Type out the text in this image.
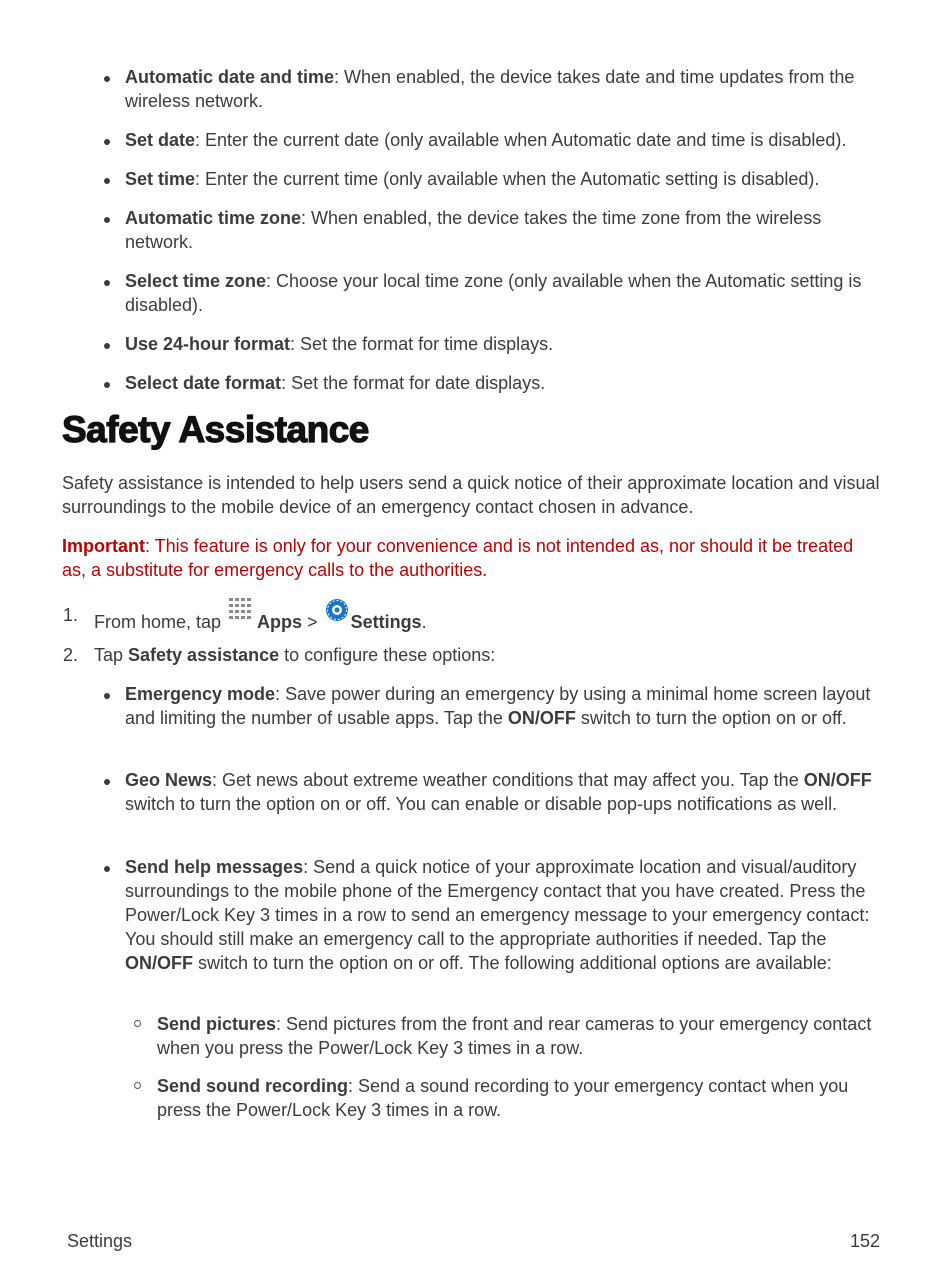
Automatic date and time: When enabled, the device takes date and time updates from the wireless network.
Set date: Enter the current date (only available when Automatic date and time is disabled).
Set time: Enter the current time (only available when the Automatic setting is disabled).
Automatic time zone: When enabled, the device takes the time zone from the wireless network.
Select time zone: Choose your local time zone (only available when the Automatic setting is disabled).
Use 24-hour format: Set the format for time displays.
Select date format: Set the format for date displays.
Safety Assistance
Safety assistance is intended to help users send a quick notice of their approximate location and visual surroundings to the mobile device of an emergency contact chosen in advance.
Important: This feature is only for your convenience and is not intended as, nor should it be treated as, a substitute for emergency calls to the authorities.
1. From home, tap Apps > Settings.
2. Tap Safety assistance to configure these options:
Emergency mode: Save power during an emergency by using a minimal home screen layout and limiting the number of usable apps. Tap the ON/OFF switch to turn the option on or off.
Geo News: Get news about extreme weather conditions that may affect you. Tap the ON/OFF switch to turn the option on or off. You can enable or disable pop-ups notifications as well.
Send help messages: Send a quick notice of your approximate location and visual/auditory surroundings to the mobile phone of the Emergency contact that you have created. Press the Power/Lock Key 3 times in a row to send an emergency message to your emergency contact: You should still make an emergency call to the appropriate authorities if needed. Tap the ON/OFF switch to turn the option on or off. The following additional options are available:
Send pictures: Send pictures from the front and rear cameras to your emergency contact when you press the Power/Lock Key 3 times in a row.
Send sound recording: Send a sound recording to your emergency contact when you press the Power/Lock Key 3 times in a row.
Settings	152
